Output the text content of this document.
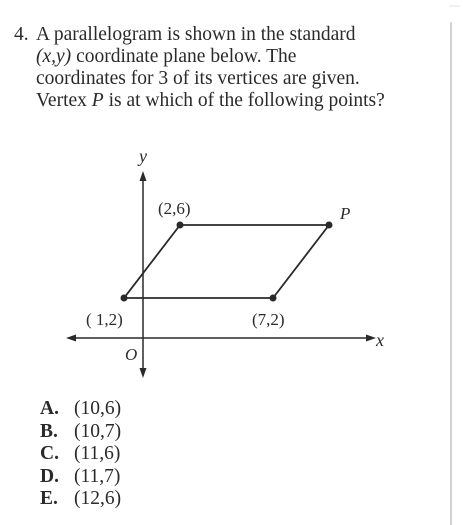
4. A parallelogram is shown in the standard
(x,y) coordinate plane below. The
coordinates for 3 of its vertices are given.
Vertex P is at which of the following points?
y
x
O
(2,6)	P
( 1,2)	(7,2)
A. (10,6)
B. (10,7)
C. (11,6)
D. (11,7)
E. (12,6)
